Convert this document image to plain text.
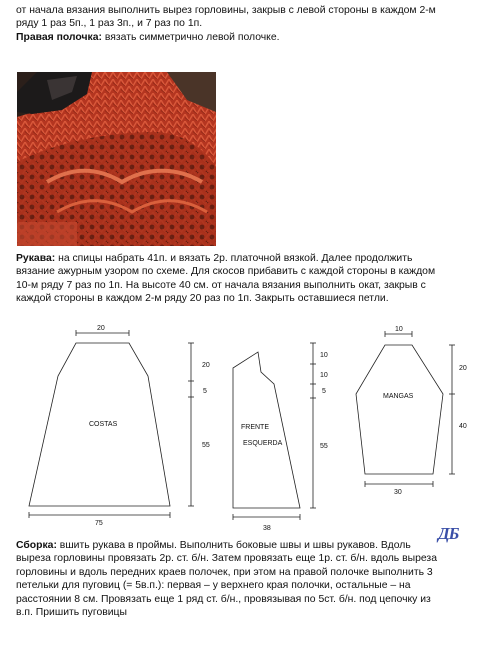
от начала вязания выполнить вырез горловины, закрыв с левой стороны в каждом 2-м
ряду 1 раз 5п., 1 раз 3п., и 7 раз по 1п.
Правая полочка: вязать симметрично левой полочке.
Рукава: на спицы набрать 41п. и вязать 2р. платочной вязкой. Далее продолжить
вязание ажурным узором по схеме. Для скосов прибавить с каждой стороны в каждом
10-м ряду 7 раз по 1п. На высоте 40 см. от начала вязания выполнить окат, закрыв с
каждой стороны в каждом 2-м ряду 20 раз по 1п. Закрыть оставшиеся петли.
20
75
20
5
55
COSTAS
10
10
5
55
38
FRENTE
ESQUERDA
10
30
20
40
MANGAS
ДБ
Сборка: вшить рукава в проймы. Выполнить боковые швы и швы рукавов. Вдоль
выреза горловины провязать 2р. ст. б/н. Затем провязать еще 1р. ст. б/н. вдоль выреза
горловины и вдоль передних краев полочек, при этом на правой полочке выполнить 3
петельки для пуговиц (= 5в.п.): первая – у верхнего края полочки, остальные – на
расстоянии 8 см. Провязать еще 1 ряд ст. б/н., провязывая по 5ст. б/н. под цепочку из
в.п. Пришить пуговицы
